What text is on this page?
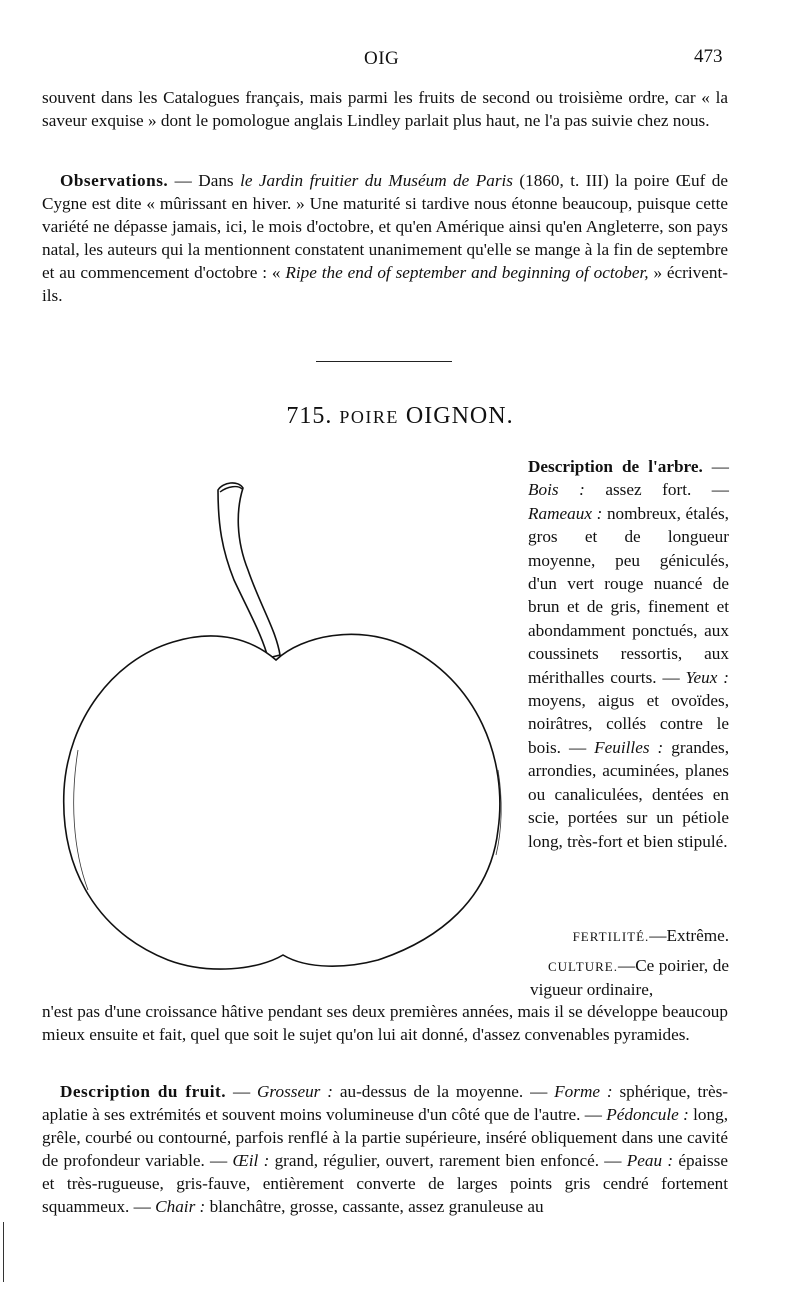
OIG	473
souvent dans les Catalogues français, mais parmi les fruits de second ou troisième ordre, car « la saveur exquise » dont le pomologue anglais Lindley parlait plus haut, ne l'a pas suivie chez nous.
Observations. — Dans le Jardin fruitier du Muséum de Paris (1860, t. III) la poire Œuf de Cygne est dite « mûrissant en hiver. » Une maturité si tardive nous étonne beaucoup, puisque cette variété ne dépasse jamais, ici, le mois d'octobre, et qu'en Amérique ainsi qu'en Angleterre, son pays natal, les auteurs qui la mentionnent constatent unanimement qu'elle se mange à la fin de septembre et au commencement d'octobre : « Ripe the end of september and beginning of october, » écrivent-ils.
715. POIRE OIGNON.
Description de l'arbre. — Bois : assez fort. — Rameaux : nombreux, étalés, gros et de longueur moyenne, peu géniculés, d'un vert rouge nuancé de brun et de gris, finement et abondamment ponctués, aux coussinets ressortis, aux mérithalles courts. — Yeux : moyens, aigus et ovoïdes, noirâtres, collés contre le bois. — Feuilles : grandes, arrondies, acuminées, planes ou canaliculées, dentées en scie, portées sur un pétiole long, très-fort et bien stipulé.
FERTILITÉ.—Extrême.
CULTURE.—Ce poirier, de vigueur ordinaire,
n'est pas d'une croissance hâtive pendant ses deux premières années, mais il se développe beaucoup mieux ensuite et fait, quel que soit le sujet qu'on lui ait donné, d'assez convenables pyramides.
Description du fruit. — Grosseur : au-dessus de la moyenne. — Forme : sphérique, très-aplatie à ses extrémités et souvent moins volumineuse d'un côté que de l'autre. — Pédoncule : long, grêle, courbé ou contourné, parfois renflé à la partie supérieure, inséré obliquement dans une cavité de profondeur variable. — Œil : grand, régulier, ouvert, rarement bien enfoncé. — Peau : épaisse et très-rugueuse, gris-fauve, entièrement converte de larges points gris cendré fortement squammeux. — Chair : blanchâtre, grosse, cassante, assez granuleuse au
